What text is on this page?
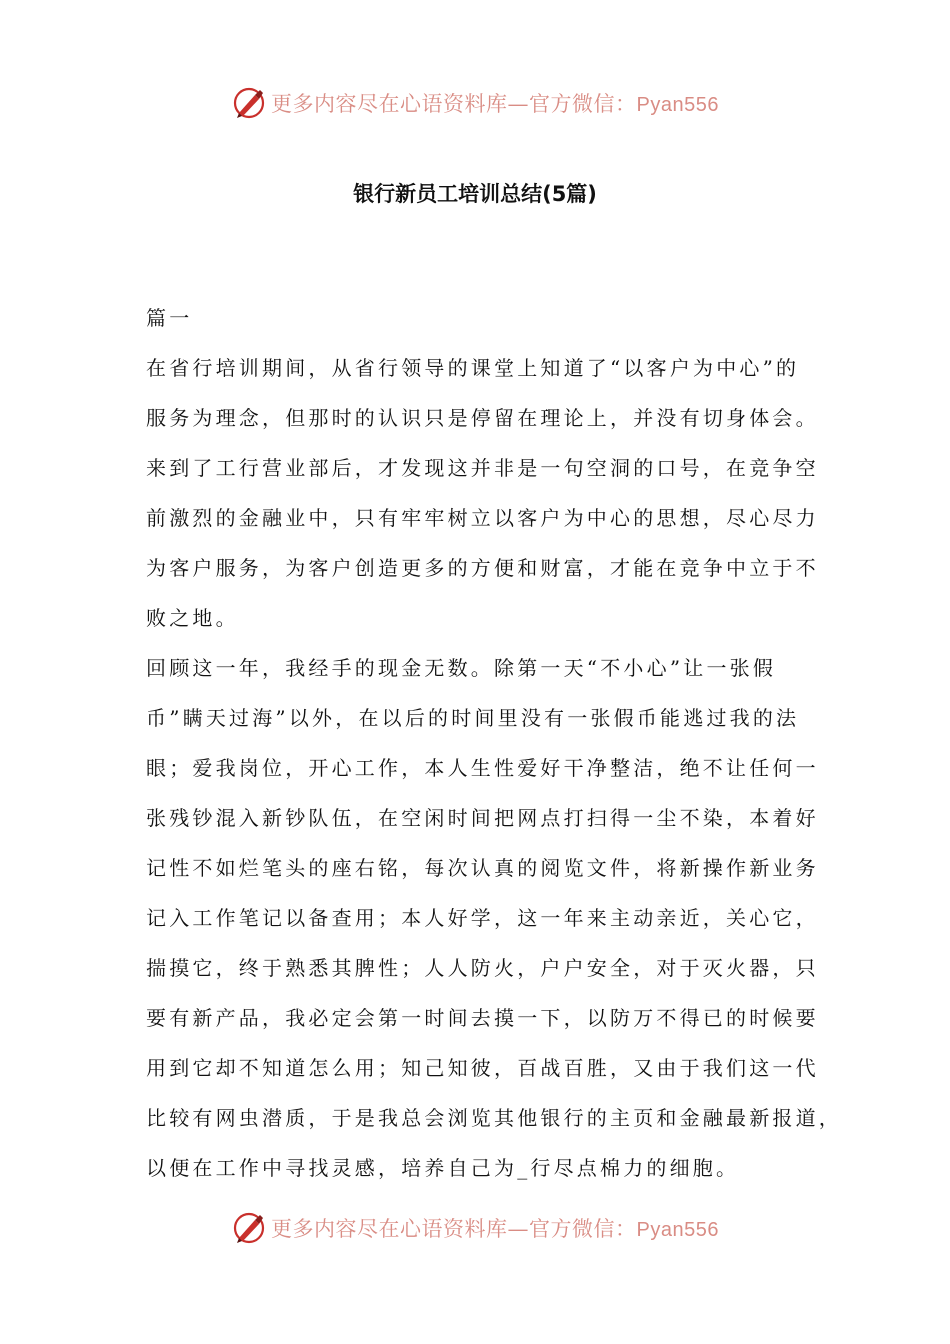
更多内容尽在心语资料库—官方微信：Pyan556
银行新员工培训总结(5篇)
篇一
在省行培训期间，从省行领导的课堂上知道了“以客户为中心”的
服务为理念，但那时的认识只是停留在理论上，并没有切身体会。
来到了工行营业部后，才发现这并非是一句空洞的口号，在竞争空
前激烈的金融业中，只有牢牢树立以客户为中心的思想，尽心尽力
为客户服务，为客户创造更多的方便和财富，才能在竞争中立于不
败之地。
回顾这一年，我经手的现金无数。除第一天“不小心”让一张假
币”瞒天过海”以外，在以后的时间里没有一张假币能逃过我的法
眼；爱我岗位，开心工作，本人生性爱好干净整洁，绝不让任何一
张残钞混入新钞队伍，在空闲时间把网点打扫得一尘不染，本着好
记性不如烂笔头的座右铭，每次认真的阅览文件，将新操作新业务
记入工作笔记以备查用；本人好学，这一年来主动亲近，关心它，
揣摸它，终于熟悉其脾性；人人防火，户户安全，对于灭火器，只
要有新产品，我必定会第一时间去摸一下，以防万不得已的时候要
用到它却不知道怎么用；知己知彼，百战百胜，又由于我们这一代
比较有网虫潜质，于是我总会浏览其他银行的主页和金融最新报道，
以便在工作中寻找灵感，培养自己为_行尽点棉力的细胞。
更多内容尽在心语资料库—官方微信：Pyan556
